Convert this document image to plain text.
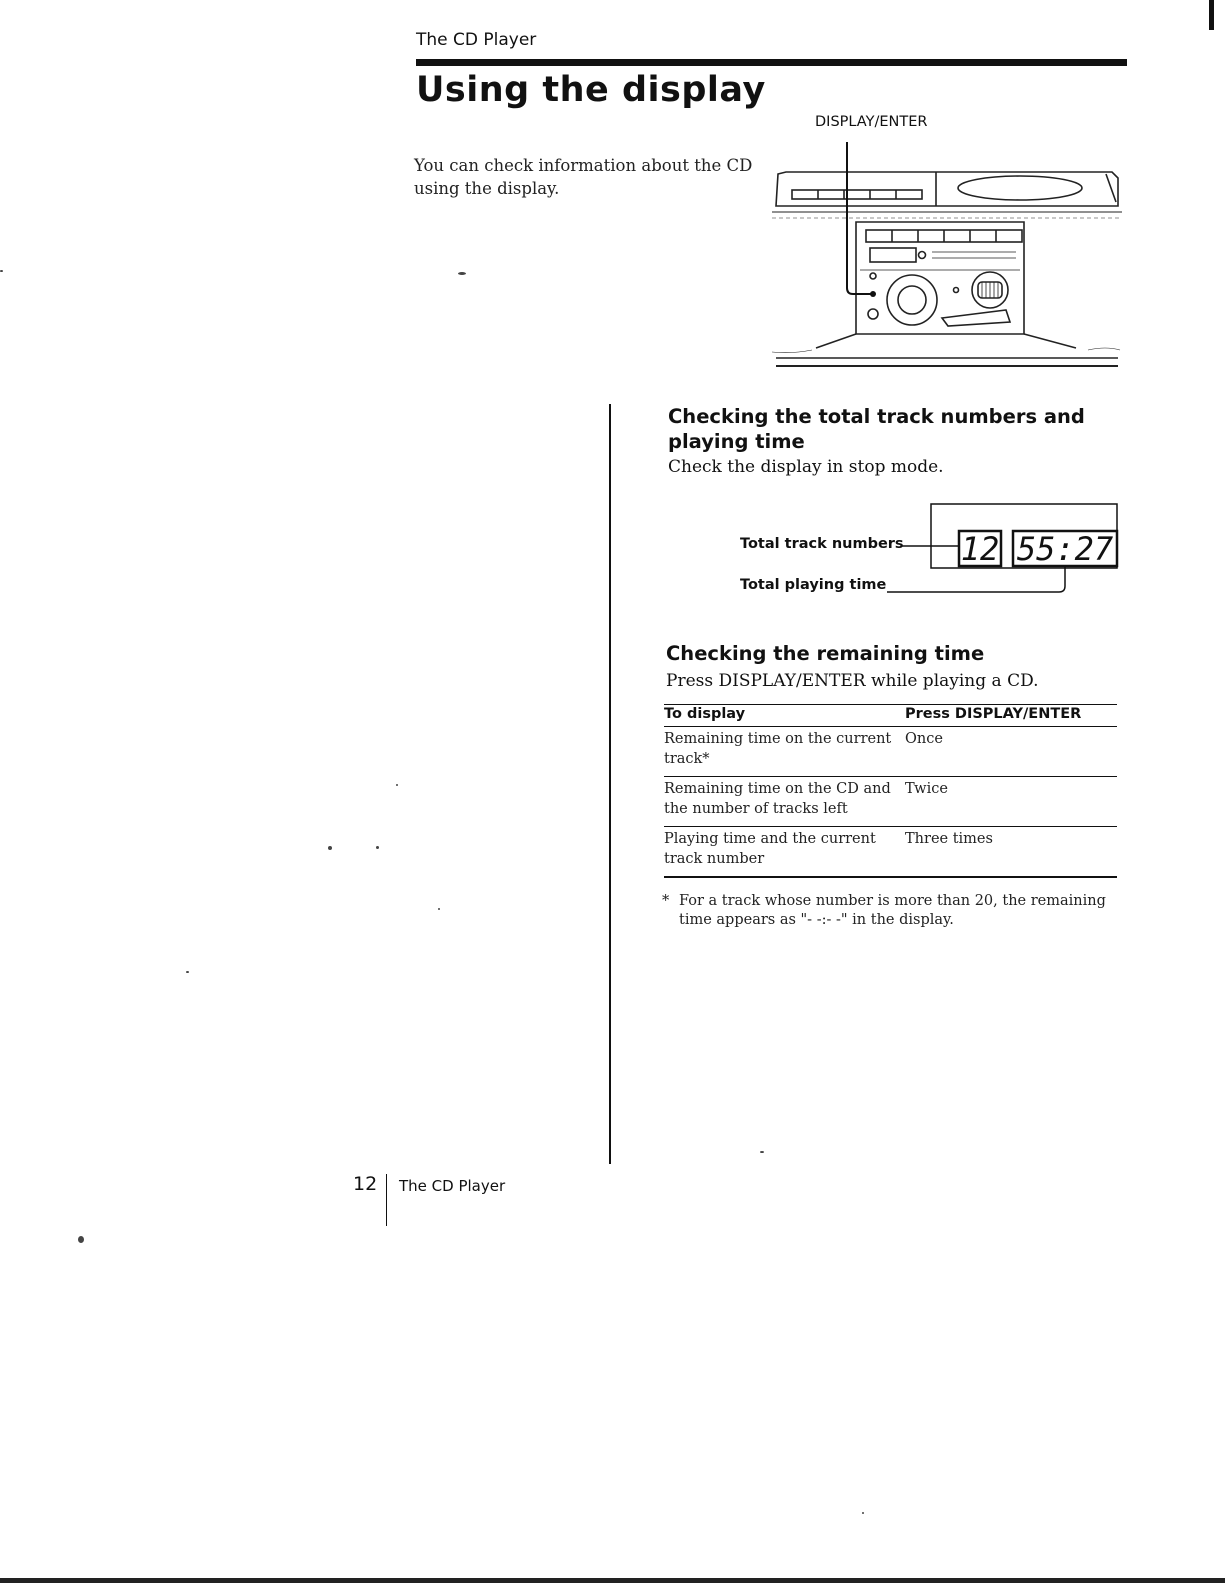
The CD Player
Using the display
You can check information about the CD using the display.
DISPLAY/ENTER
Checking the total track numbers and playing time
Check the display in stop mode.
12 55:27
Total track numbers
Total playing time
Checking the remaining time
Press DISPLAY/ENTER while playing a CD.
To display	Press DISPLAY/ENTER
Remaining time on the current track*	Once
Remaining time on the CD and the number of tracks left	Twice
Playing time and the current track number	Three times
* For a track whose number is more than 20, the remaining time appears as "- -:- -" in the display.
12 The CD Player
